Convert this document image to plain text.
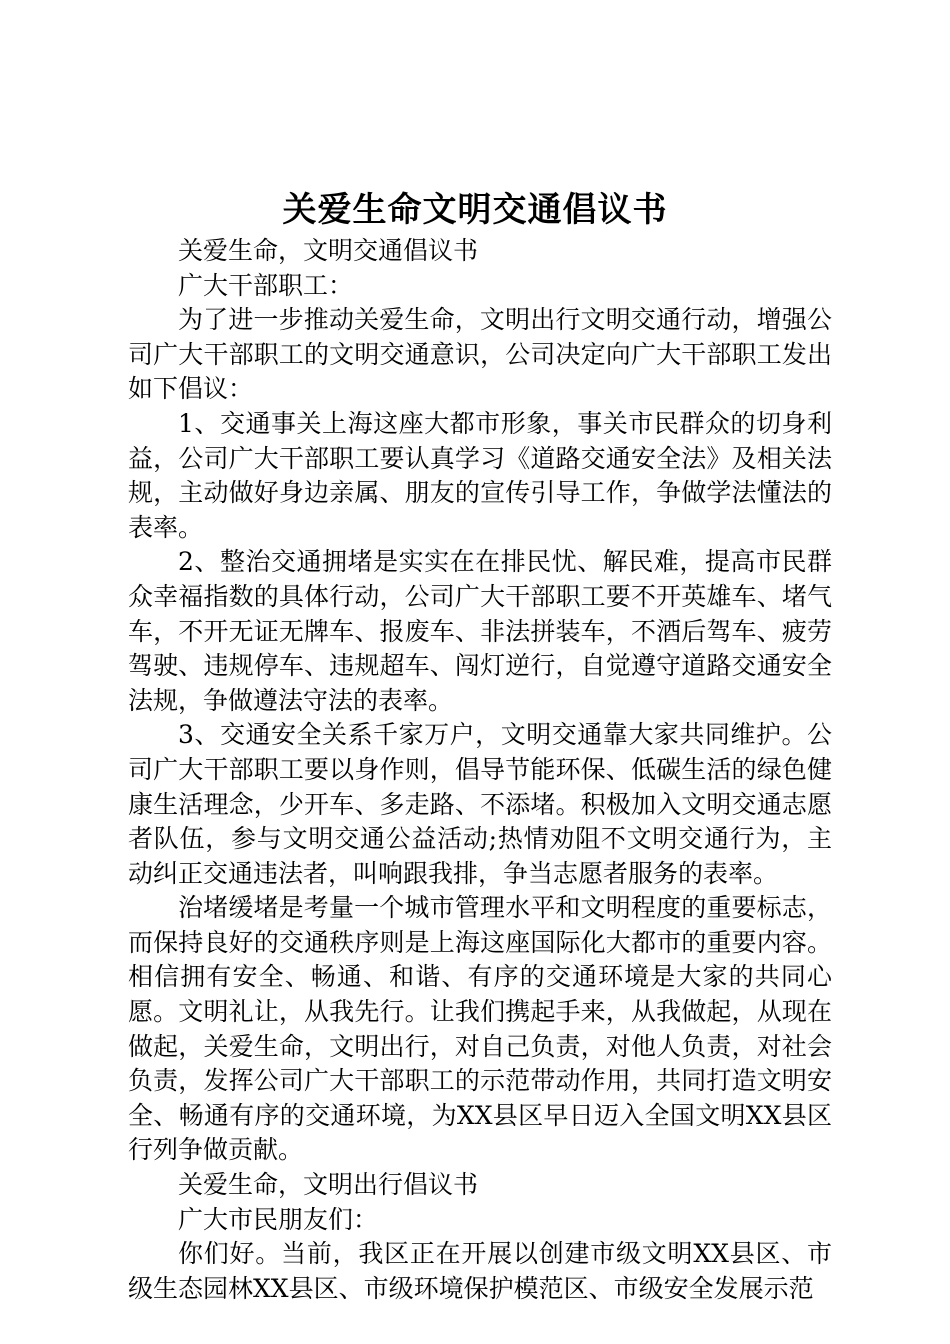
关爱生命文明交通倡议书

关爱生命，文明交通倡议书

广大干部职工：

为了进一步推动关爱生命，文明出行文明交通行动，增强公司广大干部职工的文明交通意识，公司决定向广大干部职工发出如下倡议：

1、交通事关上海这座大都市形象，事关市民群众的切身利益，公司广大干部职工要认真学习《道路交通安全法》及相关法规，主动做好身边亲属、朋友的宣传引导工作，争做学法懂法的表率。

2、整治交通拥堵是实实在在排民忧、解民难，提高市民群众幸福指数的具体行动，公司广大干部职工要不开英雄车、堵气车，不开无证无牌车、报废车、非法拼装车，不酒后驾车、疲劳驾驶、违规停车、违规超车、闯灯逆行，自觉遵守道路交通安全法规，争做遵法守法的表率。

3、交通安全关系千家万户，文明交通靠大家共同维护。公司广大干部职工要以身作则，倡导节能环保、低碳生活的绿色健康生活理念，少开车、多走路、不添堵。积极加入文明交通志愿者队伍，参与文明交通公益活动;热情劝阻不文明交通行为，主动纠正交通违法者，叫响跟我排，争当志愿者服务的表率。

治堵缓堵是考量一个城市管理水平和文明程度的重要标志，而保持良好的交通秩序则是上海这座国际化大都市的重要内容。相信拥有安全、畅通、和谐、有序的交通环境是大家的共同心愿。文明礼让，从我先行。让我们携起手来，从我做起，从现在做起，关爱生命，文明出行，对自己负责，对他人负责，对社会负责，发挥公司广大干部职工的示范带动作用，共同打造文明安全、畅通有序的交通环境，为XX县区早日迈入全国文明XX县区行列争做贡献。

关爱生命，文明出行倡议书

广大市民朋友们：

你们好。当前，我区正在开展以创建市级文明XX县区、市级生态园林XX县区、市级环境保护模范区、市级安全发展示范
